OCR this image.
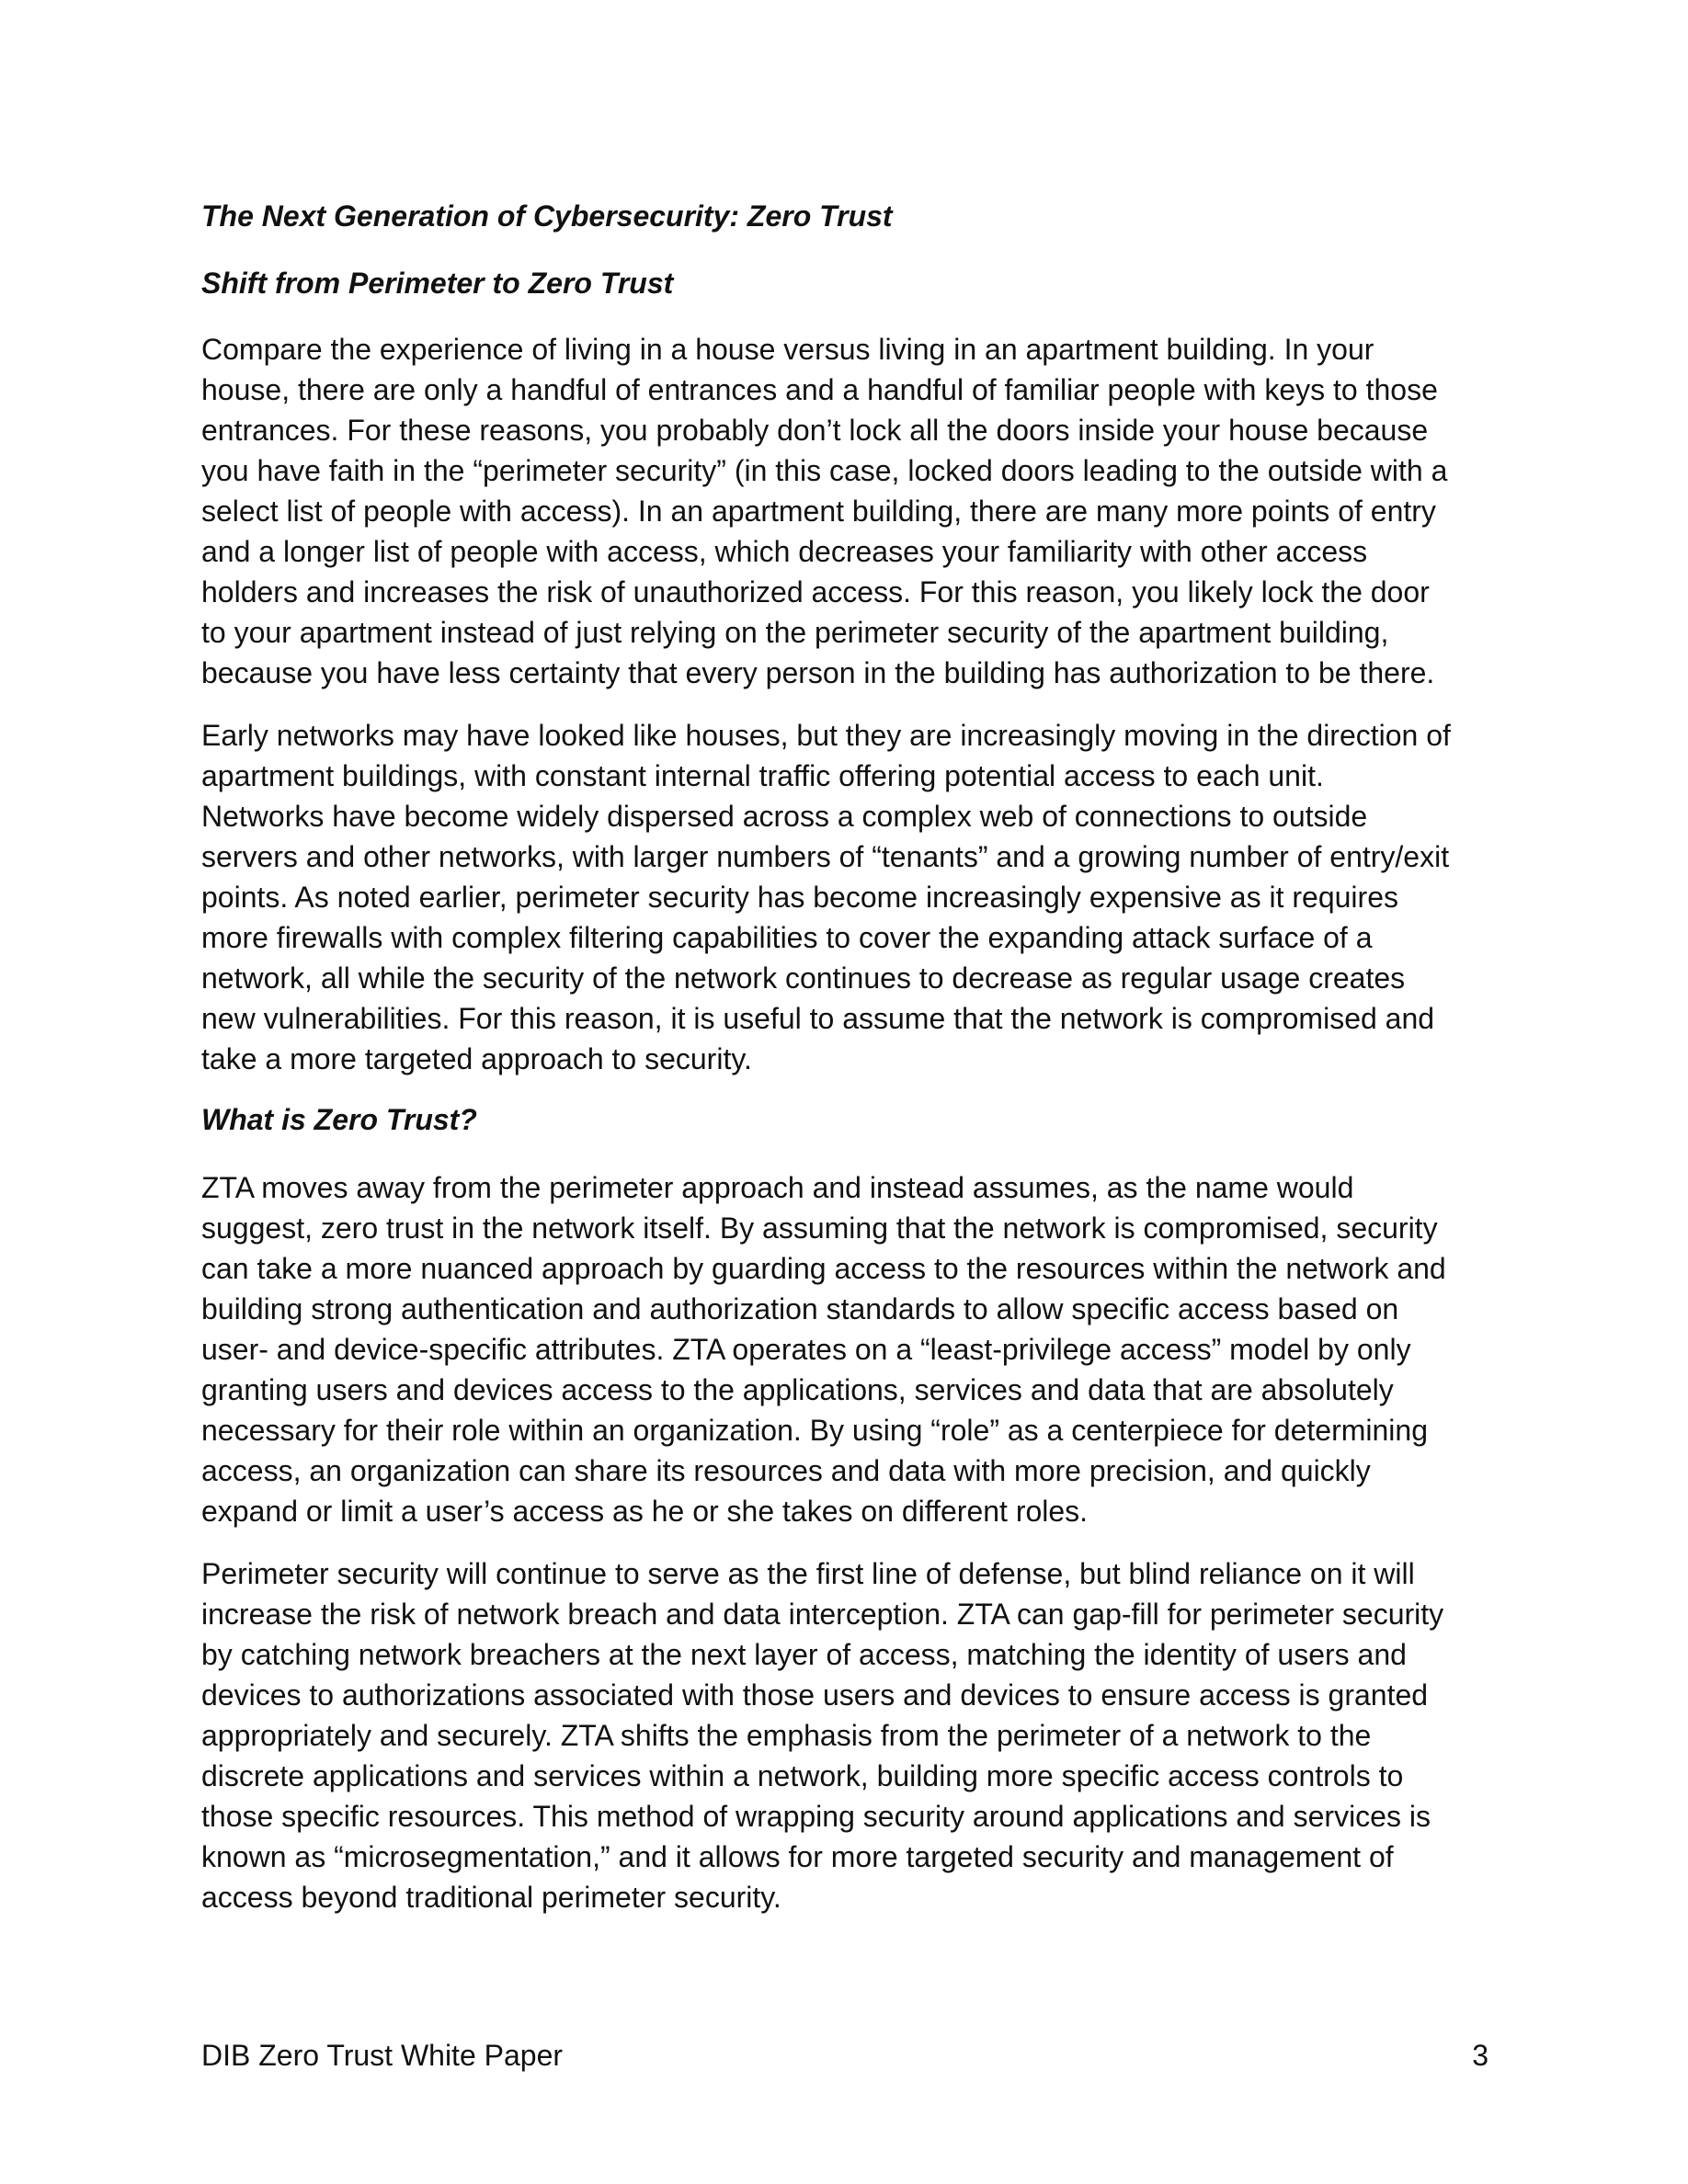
The Next Generation of Cybersecurity: Zero Trust
Shift from Perimeter to Zero Trust
Compare the experience of living in a house versus living in an apartment building. In your
house, there are only a handful of entrances and a handful of familiar people with keys to those
entrances. For these reasons, you probably don’t lock all the doors inside your house because
you have faith in the “perimeter security” (in this case, locked doors leading to the outside with a
select list of people with access). In an apartment building, there are many more points of entry
and a longer list of people with access, which decreases your familiarity with other access
holders and increases the risk of unauthorized access. For this reason, you likely lock the door
to your apartment instead of just relying on the perimeter security of the apartment building,
because you have less certainty that every person in the building has authorization to be there.
Early networks may have looked like houses, but they are increasingly moving in the direction of
apartment buildings, with constant internal traffic offering potential access to each unit.
Networks have become widely dispersed across a complex web of connections to outside
servers and other networks, with larger numbers of “tenants” and a growing number of entry/exit
points. As noted earlier, perimeter security has become increasingly expensive as it requires
more firewalls with complex filtering capabilities to cover the expanding attack surface of a
network, all while the security of the network continues to decrease as regular usage creates
new vulnerabilities. For this reason, it is useful to assume that the network is compromised and
take a more targeted approach to security.
What is Zero Trust?
ZTA moves away from the perimeter approach and instead assumes, as the name would
suggest, zero trust in the network itself. By assuming that the network is compromised, security
can take a more nuanced approach by guarding access to the resources within the network and
building strong authentication and authorization standards to allow specific access based on
user- and device-specific attributes. ZTA operates on a “least-privilege access” model by only
granting users and devices access to the applications, services and data that are absolutely
necessary for their role within an organization. By using “role” as a centerpiece for determining
access, an organization can share its resources and data with more precision, and quickly
expand or limit a user’s access as he or she takes on different roles.
Perimeter security will continue to serve as the first line of defense, but blind reliance on it will
increase the risk of network breach and data interception. ZTA can gap-fill for perimeter security
by catching network breachers at the next layer of access, matching the identity of users and
devices to authorizations associated with those users and devices to ensure access is granted
appropriately and securely. ZTA shifts the emphasis from the perimeter of a network to the
discrete applications and services within a network, building more specific access controls to
those specific resources. This method of wrapping security around applications and services is
known as “microsegmentation,” and it allows for more targeted security and management of
access beyond traditional perimeter security.

DIB Zero Trust White Paper	3
